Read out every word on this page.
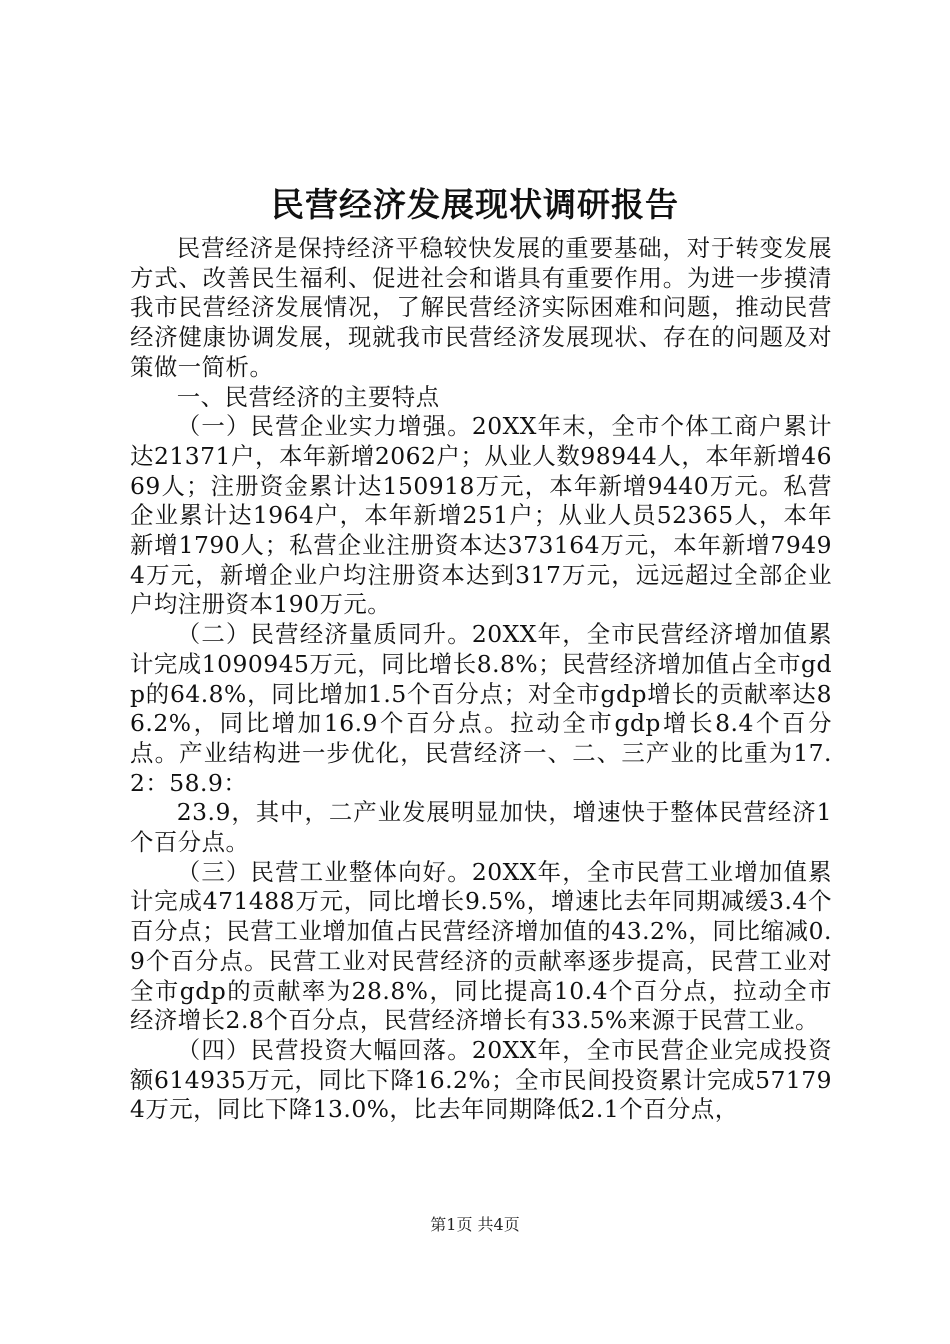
民营经济发展现状调研报告

民营经济是保持经济平稳较快发展的重要基础，对于转变发展方式、改善民生福利、促进社会和谐具有重要作用。为进一步摸清我市民营经济发展情况，了解民营经济实际困难和问题，推动民营经济健康协调发展，现就我市民营经济发展现状、存在的问题及对策做一简析。

一、民营经济的主要特点

（一）民营企业实力增强。20XX年末，全市个体工商户累计达21371户，本年新增2062户；从业人数98944人，本年新增4669人；注册资金累计达150918万元，本年新增9440万元。私营企业累计达1964户，本年新增251户；从业人员52365人，本年新增1790人；私营企业注册资本达373164万元，本年新增79494万元，新增企业户均注册资本达到317万元，远远超过全部企业户均注册资本190万元。

（二）民营经济量质同升。20XX年，全市民营经济增加值累计完成1090945万元，同比增长8.8%；民营经济增加值占全市gdp的64.8%，同比增加1.5个百分点；对全市gdp增长的贡献率达86.2%，同比增加16.9个百分点。拉动全市gdp增长8.4个百分点。产业结构进一步优化，民营经济一、二、三产业的比重为17.2：58.9：

23.9，其中，二产业发展明显加快，增速快于整体民营经济1个百分点。

（三）民营工业整体向好。20XX年，全市民营工业增加值累计完成471488万元，同比增长9.5%，增速比去年同期减缓3.4个百分点；民营工业增加值占民营经济增加值的43.2%，同比缩减0.9个百分点。民营工业对民营经济的贡献率逐步提高，民营工业对全市gdp的贡献率为28.8%，同比提高10.4个百分点，拉动全市经济增长2.8个百分点，民营经济增长有33.5%来源于民营工业。

（四）民营投资大幅回落。20XX年，全市民营企业完成投资额614935万元，同比下降16.2%；全市民间投资累计完成571794万元，同比下降13.0%，比去年同期降低2.1个百分点，

第1页 共4页
